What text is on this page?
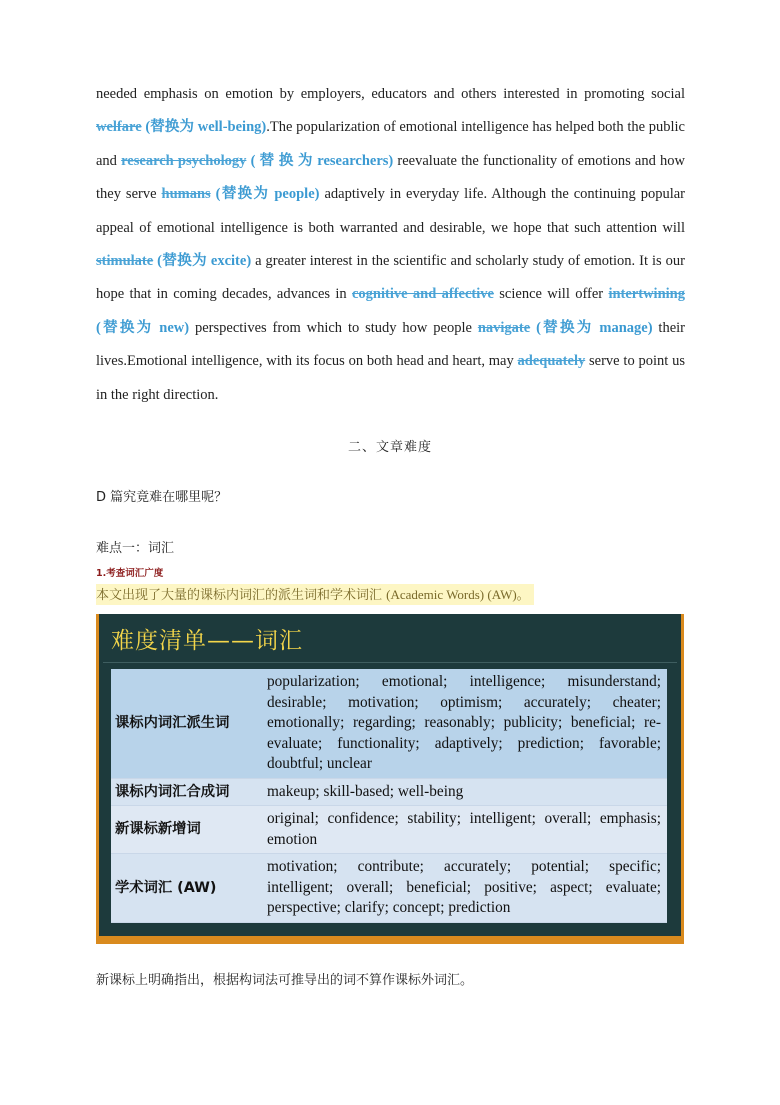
needed emphasis on emotion by employers, educators and others interested in promoting social welfare (替换为 well-being).The popularization of emotional intelligence has helped both the public and research psychology ( 替 换 为 researchers) reevaluate the functionality of emotions and how they serve humans (替换为 people) adaptively in everyday life. Although the continuing popular appeal of emotional intelligence is both warranted and desirable, we hope that such attention will stimulate (替换为 excite) a greater interest in the scientific and scholarly study of emotion. It is our hope that in coming decades, advances in cognitive and affective science will offer intertwining (替换为 new) perspectives from which to study how people navigate (替换为 manage) their lives.Emotional intelligence, with its focus on both head and heart, may adequately serve to point us in the right direction.

二、文章难度
D 篇究竟难在哪里呢？
难点一：词汇
1.考查词汇广度
本文出现了大量的课标内词汇的派生词和学术词汇 (Academic Words) (AW)。
难度清单——词汇
课标内词汇派生词	popularization; emotional; intelligence; misunderstand; desirable; motivation; optimism; accurately; cheater; emotionally; regarding; reasonably; publicity; beneficial; re-evaluate; functionality; adaptively; prediction; favorable; doubtful; unclear
课标内词汇合成词	makeup; skill-based; well-being
新课标新增词	original; confidence; stability; intelligent; overall; emphasis; emotion
学术词汇 (AW)	motivation; contribute; accurately; potential; specific; intelligent; overall; beneficial; positive; aspect; evaluate; perspective; clarify; concept; prediction
新课标上明确指出，根据构词法可推导出的词不算作课标外词汇。
